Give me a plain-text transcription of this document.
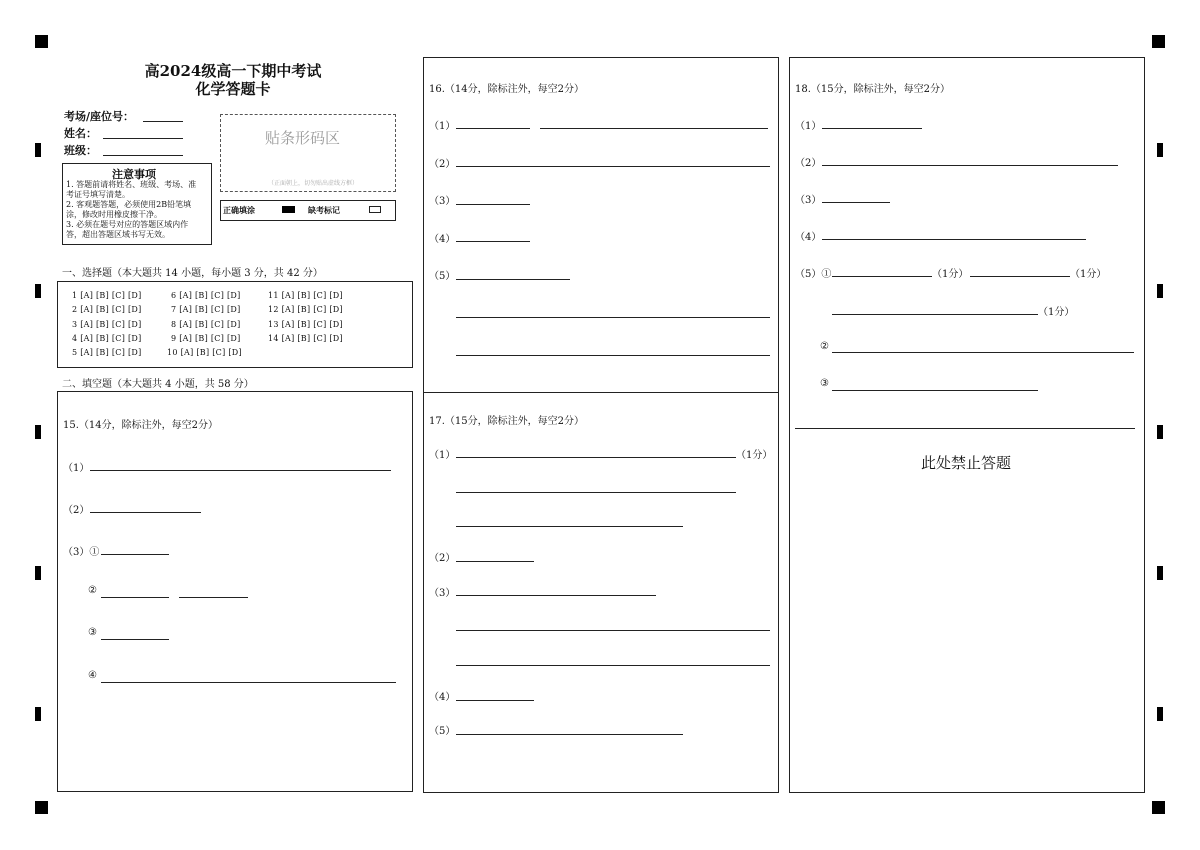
高2024级高一下期中考试
化学答题卡
考场/座位号：
姓名：
班级：
注意事项
1. 答题前请将姓名、班级、考场、准
考证号填写清楚。
2. 客观题答题，必须使用2B铅笔填
涂，修改时用橡皮擦干净。
3. 必须在题号对应的答题区域内作
答，超出答题区域书写无效。
贴条形码区
（正面朝上，切勿贴出虚线方框）
正确填涂	缺考标记
一、选择题（本大题共 14 小题，每小题 3 分，共 42 分）
1 [A] [B] [C] [D]	6 [A] [B] [C] [D]	11 [A] [B] [C] [D]
2 [A] [B] [C] [D]	7 [A] [B] [C] [D]	12 [A] [B] [C] [D]
3 [A] [B] [C] [D]	8 [A] [B] [C] [D]	13 [A] [B] [C] [D]
4 [A] [B] [C] [D]	9 [A] [B] [C] [D]	14 [A] [B] [C] [D]
5 [A] [B] [C] [D]	10 [A] [B] [C] [D]
二、填空题（本大题共 4 小题，共 58 分）
15.（14分，除标注外，每空2分）
（1）
（2）
（3）①
②
③
④
16.（14分，除标注外，每空2分）
（1）
（2）
（3）
（4）
（5）
17.（15分，除标注外，每空2分）
（1）	（1分）
（2）
（3）
（4）
（5）
18.（15分，除标注外，每空2分）
（1）
（2）
（3）
（4）
（5）①	（1分）	（1分）
（1分）
②
③
此处禁止答题
